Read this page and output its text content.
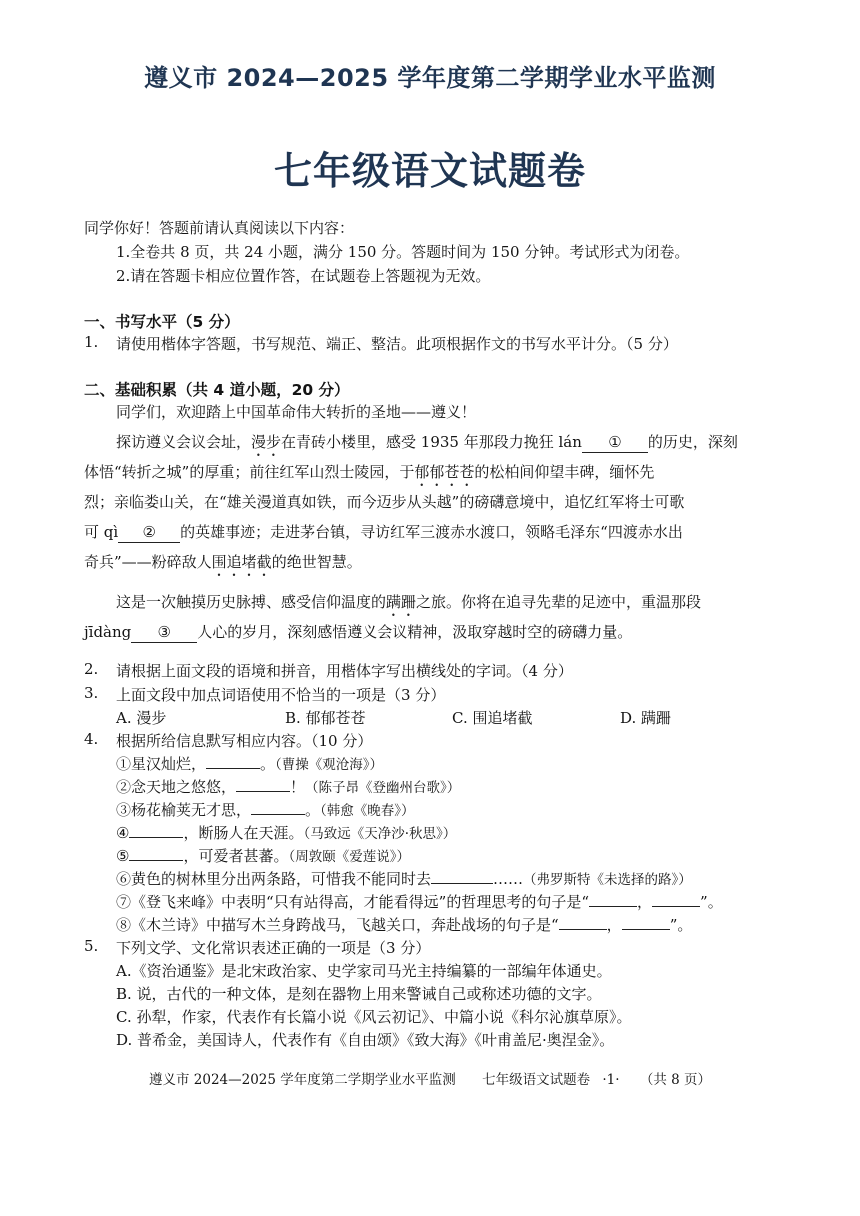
遵义市 2024—2025 学年度第二学期学业水平监测
七年级语文试题卷
同学你好！答题前请认真阅读以下内容：
1.全卷共 8 页，共 24 小题，满分 150 分。答题时间为 150 分钟。考试形式为闭卷。
2.请在答题卡相应位置作答，在试题卷上答题视为无效。
一、书写水平（5 分）
1. 请使用楷体字答题，书写规范、端正、整洁。此项根据作文的书写水平计分。（5 分）
二、基础积累（共 4 道小题，20 分）
同学们，欢迎踏上中国革命伟大转折的圣地——遵义！
探访遵义会议会址，漫步在青砖小楼里，感受 1935 年那段力挽狂 lán ① 的历史，深刻
体悟“转折之城”的厚重；前往红军山烈士陵园，于郁郁苍苍的松柏间仰望丰碑，缅怀先
烈；亲临娄山关，在“雄关漫道真如铁，而今迈步从头越”的磅礴意境中，追忆红军将士可歌
可 qì ② 的英雄事迹；走进茅台镇，寻访红军三渡赤水渡口，领略毛泽东“四渡赤水出
奇兵”——粉碎敌人围追堵截的绝世智慧。
这是一次触摸历史脉搏、感受信仰温度的蹒跚之旅。你将在追寻先辈的足迹中，重温那段
jīdàng ③ 人心的岁月，深刻感悟遵义会议精神，汲取穿越时空的磅礴力量。
2. 请根据上面文段的语境和拼音，用楷体字写出横线处的字词。（4 分）
3. 上面文段中加点词语使用不恰当的一项是（3 分）
A. 漫步	B. 郁郁苍苍	C. 围追堵截	D. 蹒跚
4. 根据所给信息默写相应内容。（10 分）
①星汉灿烂，	。（曹操《观沧海》）
②念天地之悠悠，	！（陈子昂《登幽州台歌》）
③杨花榆荚无才思，	。（韩愈《晚春》）
④	，断肠人在天涯。（马致远《天净沙·秋思》）
⑤	，可爱者甚蕃。（周敦颐《爱莲说》）
⑥黄色的树林里分出两条路，可惜我不能同时去	……（弗罗斯特《未选择的路》）
⑦《登飞来峰》中表明“只有站得高，才能看得远”的哲理思考的句子是“	，	”。
⑧《木兰诗》中描写木兰身跨战马，飞越关口，奔赴战场的句子是“	，	”。
5. 下列文学、文化常识表述正确的一项是（3 分）
A.《资治通鉴》是北宋政治家、史学家司马光主持编纂的一部编年体通史。
B. 说，古代的一种文体，是刻在器物上用来警诫自己或称述功德的文字。
C. 孙犁，作家，代表作有长篇小说《风云初记》、中篇小说《科尔沁旗草原》。
D. 普希金，美国诗人，代表作有《自由颂》《致大海》《叶甫盖尼·奥涅金》。
遵义市 2024—2025 学年度第二学期学业水平监测 七年级语文试题卷 ·1· （共 8 页）
